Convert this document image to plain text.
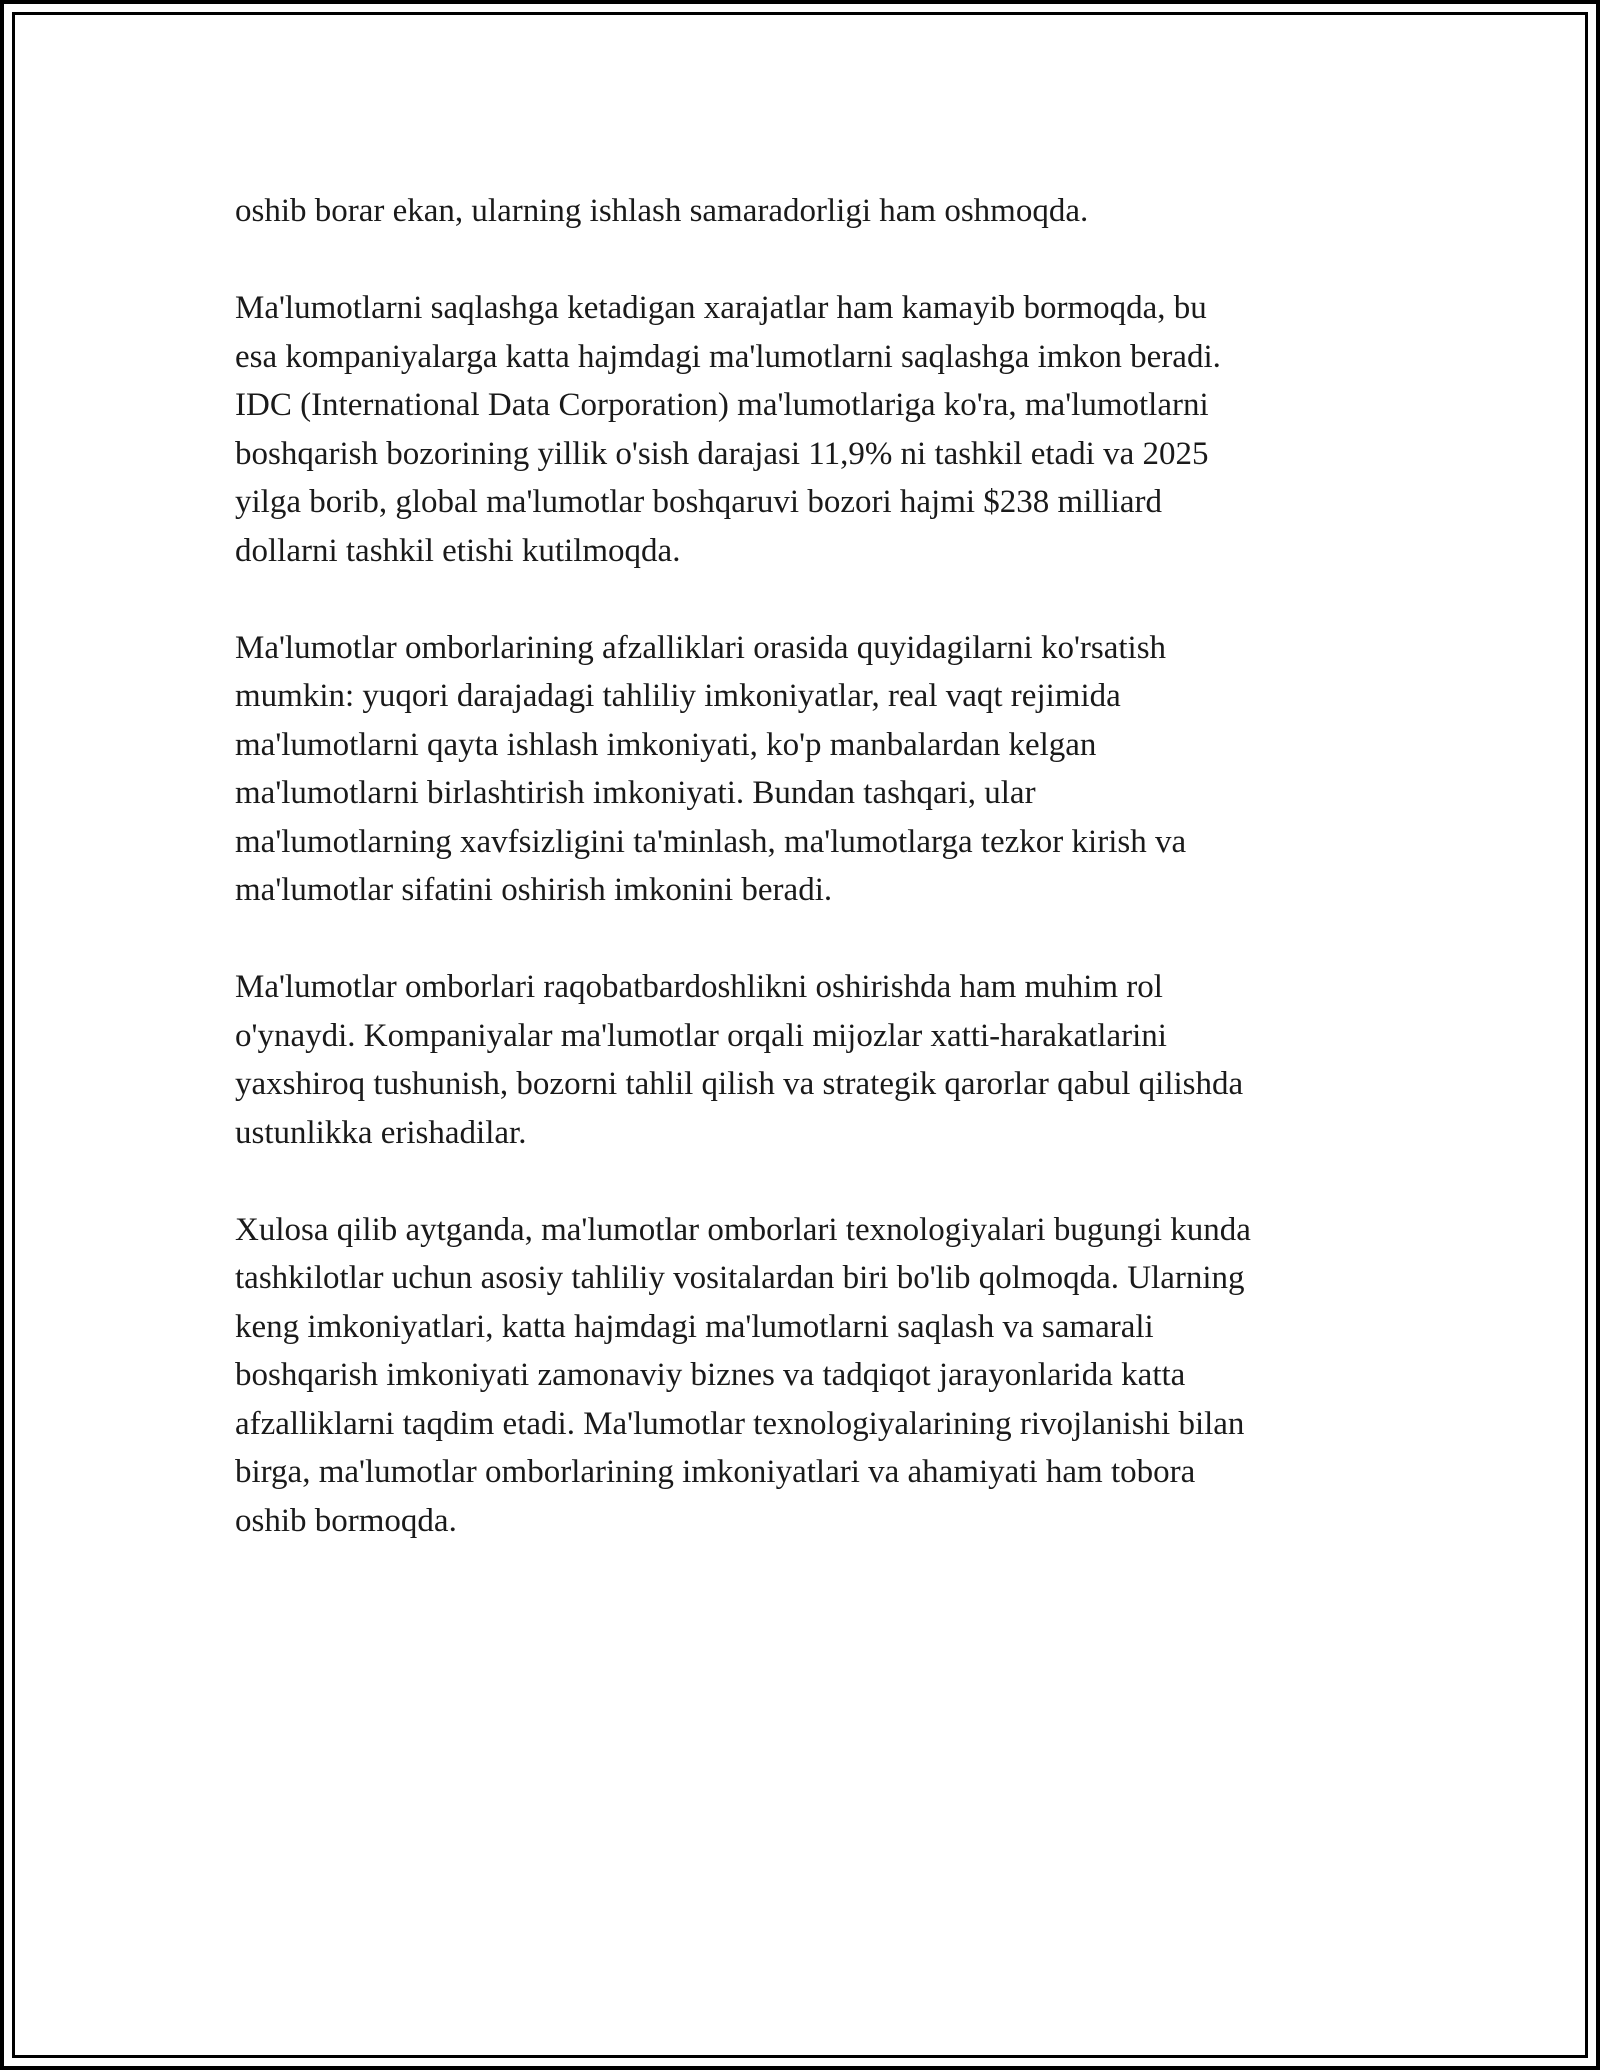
oshib borar ekan, ularning ishlash samaradorligi ham oshmoqda.

Ma'lumotlarni saqlashga ketadigan xarajatlar ham kamayib bormoqda, bu
esa kompaniyalarga katta hajmdagi ma'lumotlarni saqlashga imkon beradi.
IDC (International Data Corporation) ma'lumotlariga ko'ra, ma'lumotlarni
boshqarish bozorining yillik o'sish darajasi 11,9% ni tashkil etadi va 2025
yilga borib, global ma'lumotlar boshqaruvi bozori hajmi $238 milliard
dollarni tashkil etishi kutilmoqda.

Ma'lumotlar omborlarining afzalliklari orasida quyidagilarni ko'rsatish
mumkin: yuqori darajadagi tahliliy imkoniyatlar, real vaqt rejimida
ma'lumotlarni qayta ishlash imkoniyati, ko'p manbalardan kelgan
ma'lumotlarni birlashtirish imkoniyati. Bundan tashqari, ular
ma'lumotlarning xavfsizligini ta'minlash, ma'lumotlarga tezkor kirish va
ma'lumotlar sifatini oshirish imkonini beradi.

Ma'lumotlar omborlari raqobatbardoshlikni oshirishda ham muhim rol
o'ynaydi. Kompaniyalar ma'lumotlar orqali mijozlar xatti-harakatlarini
yaxshiroq tushunish, bozorni tahlil qilish va strategik qarorlar qabul qilishda
ustunlikka erishadilar.

Xulosa qilib aytganda, ma'lumotlar omborlari texnologiyalari bugungi kunda
tashkilotlar uchun asosiy tahliliy vositalardan biri bo'lib qolmoqda. Ularning
keng imkoniyatlari, katta hajmdagi ma'lumotlarni saqlash va samarali
boshqarish imkoniyati zamonaviy biznes va tadqiqot jarayonlarida katta
afzalliklarni taqdim etadi. Ma'lumotlar texnologiyalarining rivojlanishi bilan
birga, ma'lumotlar omborlarining imkoniyatlari va ahamiyati ham tobora
oshib bormoqda.
